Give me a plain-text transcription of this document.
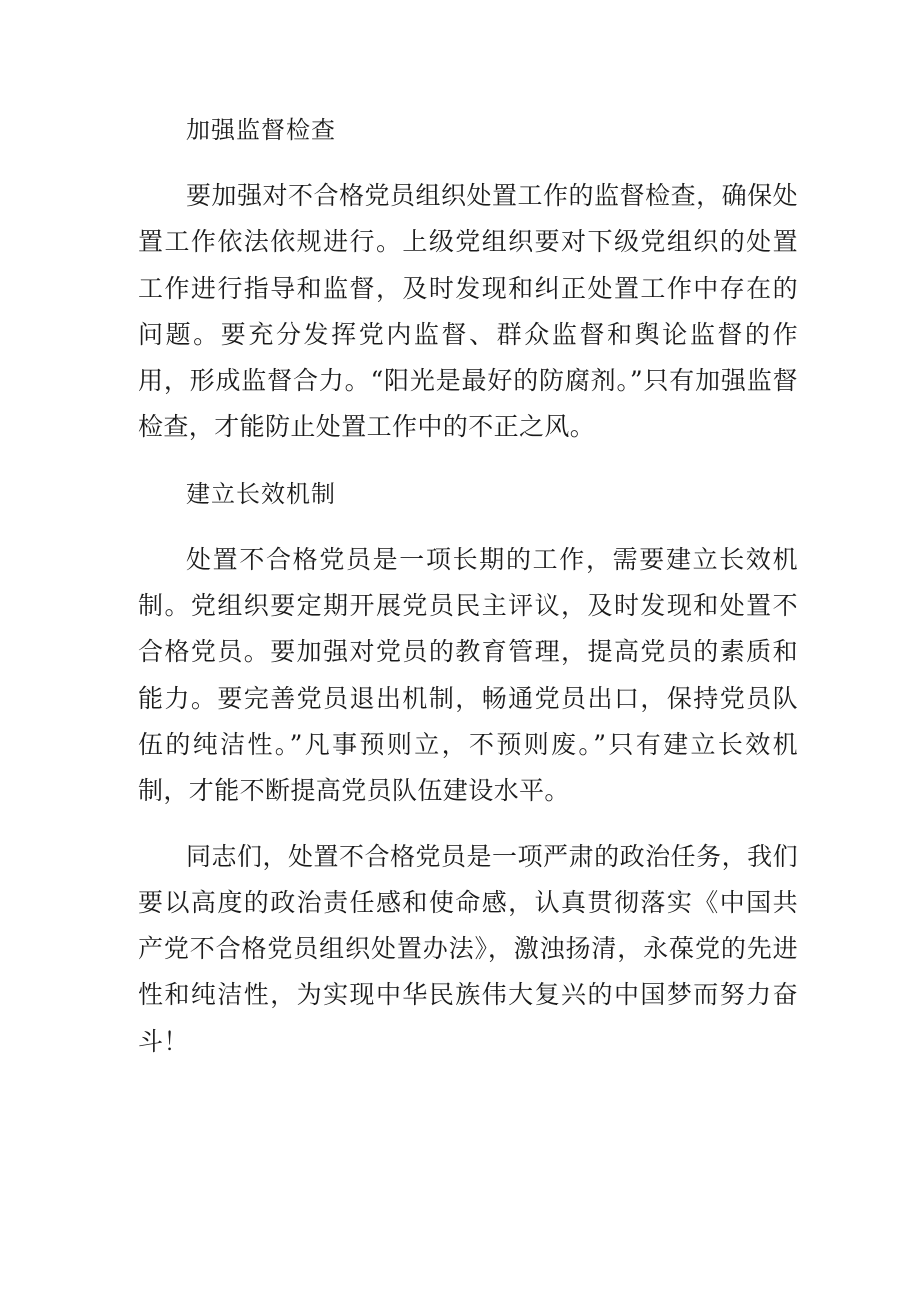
加强监督检查

要加强对不合格党员组织处置工作的监督检查，确保处置工作依法依规进行。上级党组织要对下级党组织的处置工作进行指导和监督，及时发现和纠正处置工作中存在的问题。要充分发挥党内监督、群众监督和舆论监督的作用，形成监督合力。“阳光是最好的防腐剂。”只有加强监督检查，才能防止处置工作中的不正之风。

建立长效机制

处置不合格党员是一项长期的工作，需要建立长效机制。党组织要定期开展党员民主评议，及时发现和处置不合格党员。要加强对党员的教育管理，提高党员的素质和能力。要完善党员退出机制，畅通党员出口，保持党员队伍的纯洁性。”凡事预则立，不预则废。”只有建立长效机制，才能不断提高党员队伍建设水平。

同志们，处置不合格党员是一项严肃的政治任务，我们要以高度的政治责任感和使命感，认真贯彻落实《中国共产党不合格党员组织处置办法》，激浊扬清，永葆党的先进性和纯洁性，为实现中华民族伟大复兴的中国梦而努力奋斗！
